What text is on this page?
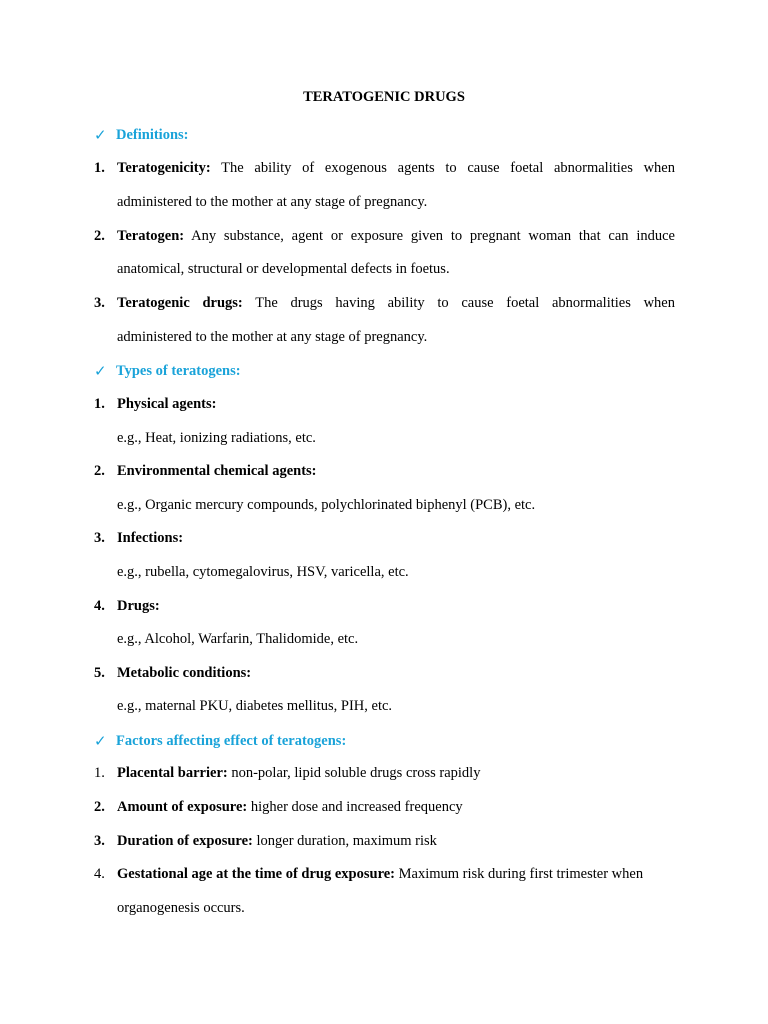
TERATOGENIC DRUGS
✓ Definitions:
1. Teratogenicity: The ability of exogenous agents to cause foetal abnormalities when
administered to the mother at any stage of pregnancy.
2. Teratogen: Any substance, agent or exposure given to pregnant woman that can induce
anatomical, structural or developmental defects in foetus.
3. Teratogenic drugs: The drugs having ability to cause foetal abnormalities when
administered to the mother at any stage of pregnancy.
✓ Types of teratogens:
1. Physical agents:
e.g., Heat, ionizing radiations, etc.
2. Environmental chemical agents:
e.g., Organic mercury compounds, polychlorinated biphenyl (PCB), etc.
3. Infections:
e.g., rubella, cytomegalovirus, HSV, varicella, etc.
4. Drugs:
e.g., Alcohol, Warfarin, Thalidomide, etc.
5. Metabolic conditions:
e.g., maternal PKU, diabetes mellitus, PIH, etc.
✓ Factors affecting effect of teratogens:
1. Placental barrier: non-polar, lipid soluble drugs cross rapidly
2. Amount of exposure: higher dose and increased frequency
3. Duration of exposure: longer duration, maximum risk
4. Gestational age at the time of drug exposure: Maximum risk during first trimester when
organogenesis occurs.
